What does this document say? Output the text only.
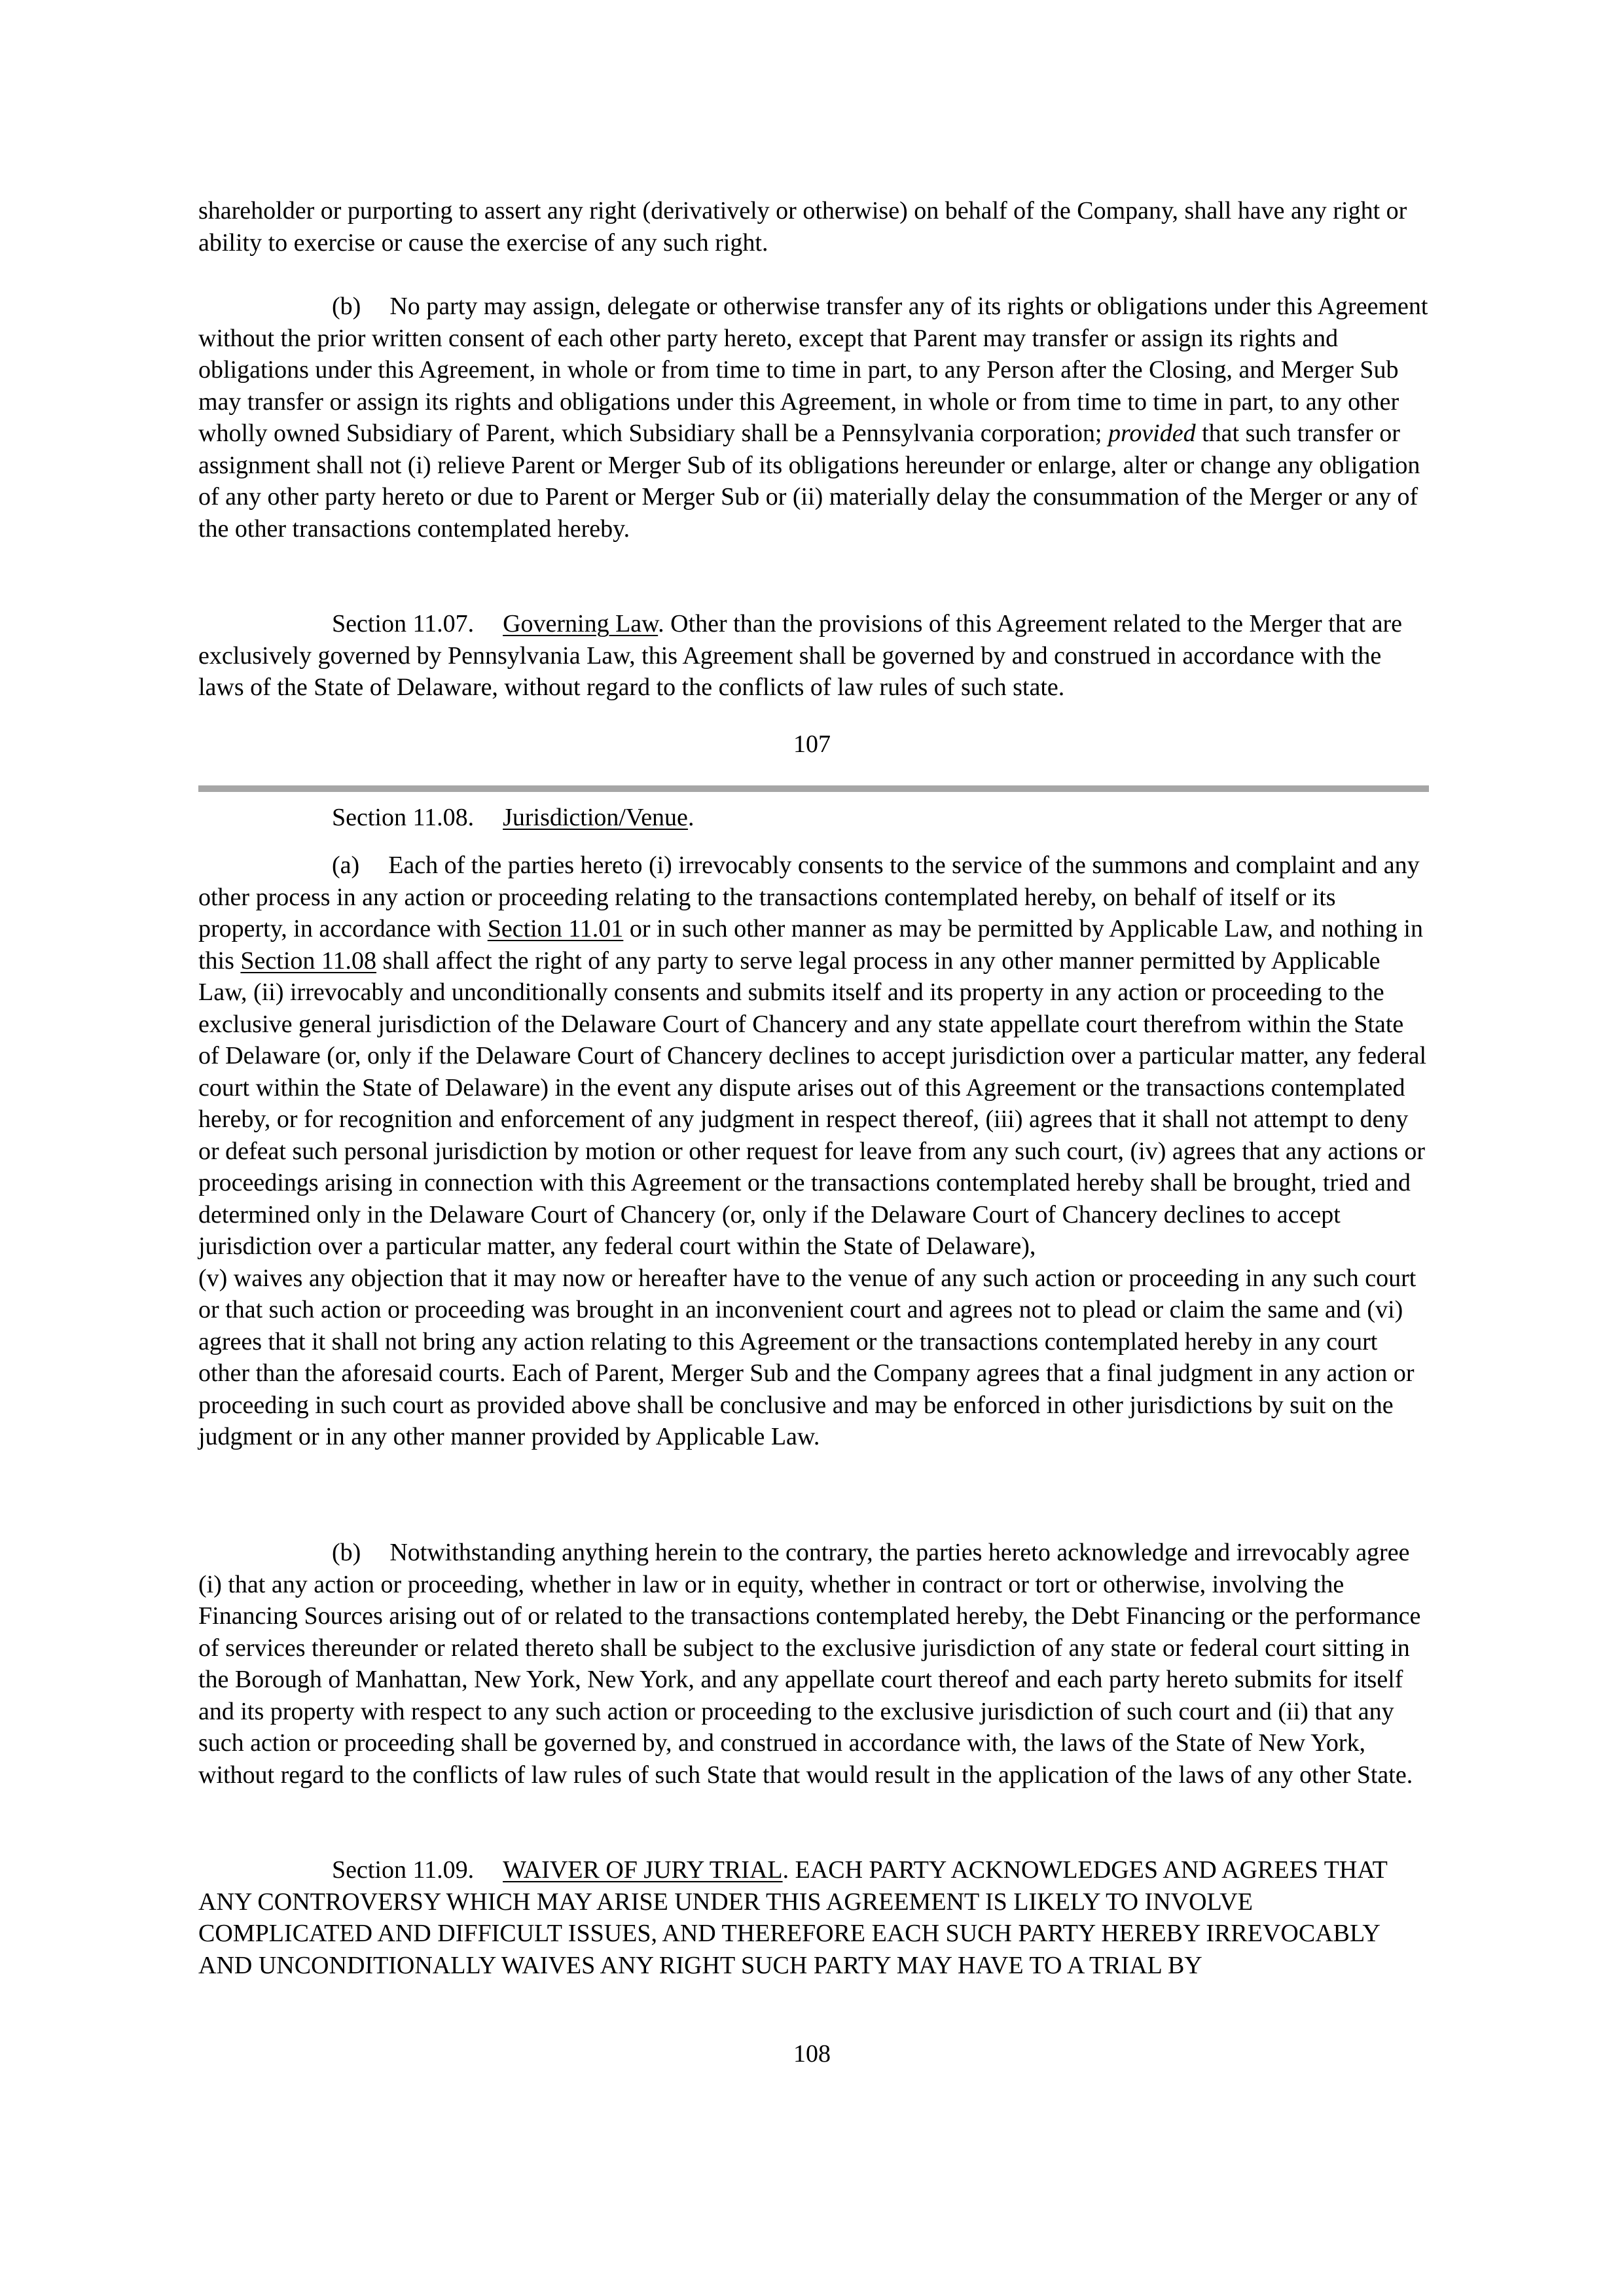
shareholder or purporting to assert any right (derivatively or otherwise) on behalf of the Company, shall have any right or ability to exercise or cause the exercise of any such right.

(b) No party may assign, delegate or otherwise transfer any of its rights or obligations under this Agreement without the prior written consent of each other party hereto, except that Parent may transfer or assign its rights and obligations under this Agreement, in whole or from time to time in part, to any Person after the Closing, and Merger Sub may transfer or assign its rights and obligations under this Agreement, in whole or from time to time in part, to any other wholly owned Subsidiary of Parent, which Subsidiary shall be a Pennsylvania corporation; provided that such transfer or assignment shall not (i) relieve Parent or Merger Sub of its obligations hereunder or enlarge, alter or change any obligation of any other party hereto or due to Parent or Merger Sub or (ii) materially delay the consummation of the Merger or any of the other transactions contemplated hereby.

Section 11.07. Governing Law. Other than the provisions of this Agreement related to the Merger that are exclusively governed by Pennsylvania Law, this Agreement shall be governed by and construed in accordance with the laws of the State of Delaware, without regard to the conflicts of law rules of such state.

107

Section 11.08. Jurisdiction/Venue.

(a) Each of the parties hereto (i) irrevocably consents to the service of the summons and complaint and any other process in any action or proceeding relating to the transactions contemplated hereby, on behalf of itself or its property, in accordance with Section 11.01 or in such other manner as may be permitted by Applicable Law, and nothing in this Section 11.08 shall affect the right of any party to serve legal process in any other manner permitted by Applicable Law, (ii) irrevocably and unconditionally consents and submits itself and its property in any action or proceeding to the exclusive general jurisdiction of the Delaware Court of Chancery and any state appellate court therefrom within the State of Delaware (or, only if the Delaware Court of Chancery declines to accept jurisdiction over a particular matter, any federal court within the State of Delaware) in the event any dispute arises out of this Agreement or the transactions contemplated hereby, or for recognition and enforcement of any judgment in respect thereof, (iii) agrees that it shall not attempt to deny or defeat such personal jurisdiction by motion or other request for leave from any such court, (iv) agrees that any actions or proceedings arising in connection with this Agreement or the transactions contemplated hereby shall be brought, tried and determined only in the Delaware Court of Chancery (or, only if the Delaware Court of Chancery declines to accept jurisdiction over a particular matter, any federal court within the State of Delaware),

(v) waives any objection that it may now or hereafter have to the venue of any such action or proceeding in any such court or that such action or proceeding was brought in an inconvenient court and agrees not to plead or claim the same and (vi) agrees that it shall not bring any action relating to this Agreement or the transactions contemplated hereby in any court other than the aforesaid courts. Each of Parent, Merger Sub and the Company agrees that a final judgment in any action or proceeding in such court as provided above shall be conclusive and may be enforced in other jurisdictions by suit on the judgment or in any other manner provided by Applicable Law.

(b) Notwithstanding anything herein to the contrary, the parties hereto acknowledge and irrevocably agree (i) that any action or proceeding, whether in law or in equity, whether in contract or tort or otherwise, involving the Financing Sources arising out of or related to the transactions contemplated hereby, the Debt Financing or the performance of services thereunder or related thereto shall be subject to the exclusive jurisdiction of any state or federal court sitting in the Borough of Manhattan, New York, New York, and any appellate court thereof and each party hereto submits for itself and its property with respect to any such action or proceeding to the exclusive jurisdiction of such court and (ii) that any such action or proceeding shall be governed by, and construed in accordance with, the laws of the State of New York, without regard to the conflicts of law rules of such State that would result in the application of the laws of any other State.

Section 11.09. WAIVER OF JURY TRIAL. EACH PARTY ACKNOWLEDGES AND AGREES THAT ANY CONTROVERSY WHICH MAY ARISE UNDER THIS AGREEMENT IS LIKELY TO INVOLVE COMPLICATED AND DIFFICULT ISSUES, AND THEREFORE EACH SUCH PARTY HEREBY IRREVOCABLY AND UNCONDITIONALLY WAIVES ANY RIGHT SUCH PARTY MAY HAVE TO A TRIAL BY

108
